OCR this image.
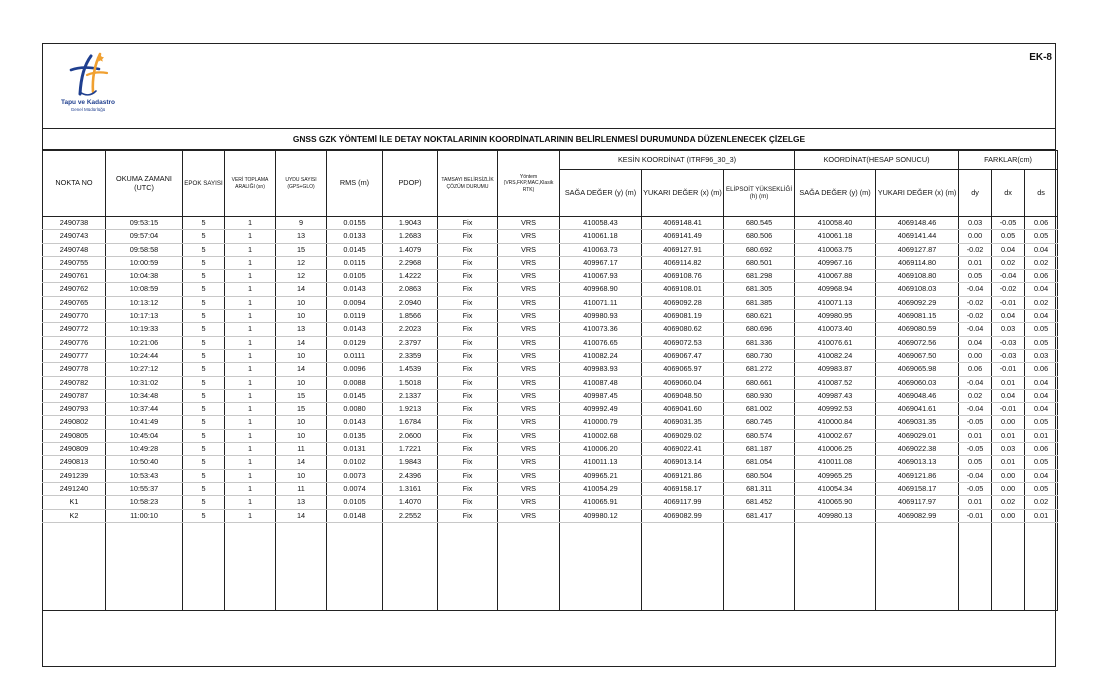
Tapu ve Kadastro
Genel Müdürlüğü
EK-8
GNSS GZK YÖNTEMİ İLE DETAY NOKTALARININ KOORDİNATLARININ BELİRLENMESİ DURUMUNDA DÜZENLENECEK ÇİZELGE
NOKTA NO	OKUMA ZAMANI (UTC)	EPOK SAYISI	VERİ TOPLAMA ARALIĞI (sn)	UYDU SAYISI (GPS+GLO)	RMS (m)	PDOP)	TAMSAYI BELİRSİZLİK ÇÖZÜM DURUMU	Yöntem (VRS,FKP,MAC,Klasik RTK)	KESİN KOORDİNAT (ITRF96_30_3)			KOORDİNAT(HESAP SONUCU)		FARKLAR(cm)		
									SAĞA DEĞER (y) (m)	YUKARI DEĞER (x) (m)	ELİPSOİT YÜKSEKLİĞİ (h) (m)	SAĞA DEĞER (y) (m)	YUKARI DEĞER (x) (m)	dy	dx	ds
2490738	09:53:15	5	1	9	0.0155	1.9043	Fix	VRS	410058.43	4069148.41	680.545	410058.40	4069148.46	0.03	-0.05	0.06
2490743	09:57:04	5	1	13	0.0133	1.2683	Fix	VRS	410061.18	4069141.49	680.506	410061.18	4069141.44	0.00	0.05	0.05
2490748	09:58:58	5	1	15	0.0145	1.4079	Fix	VRS	410063.73	4069127.91	680.692	410063.75	4069127.87	-0.02	0.04	0.04
2490755	10:00:59	5	1	12	0.0115	2.2968	Fix	VRS	409967.17	4069114.82	680.501	409967.16	4069114.80	0.01	0.02	0.02
2490761	10:04:38	5	1	12	0.0105	1.4222	Fix	VRS	410067.93	4069108.76	681.298	410067.88	4069108.80	0.05	-0.04	0.06
2490762	10:08:59	5	1	14	0.0143	2.0863	Fix	VRS	409968.90	4069108.01	681.305	409968.94	4069108.03	-0.04	-0.02	0.04
2490765	10:13:12	5	1	10	0.0094	2.0940	Fix	VRS	410071.11	4069092.28	681.385	410071.13	4069092.29	-0.02	-0.01	0.02
2490770	10:17:13	5	1	10	0.0119	1.8566	Fix	VRS	409980.93	4069081.19	680.621	409980.95	4069081.15	-0.02	0.04	0.04
2490772	10:19:33	5	1	13	0.0143	2.2023	Fix	VRS	410073.36	4069080.62	680.696	410073.40	4069080.59	-0.04	0.03	0.05
2490776	10:21:06	5	1	14	0.0129	2.3797	Fix	VRS	410076.65	4069072.53	681.336	410076.61	4069072.56	0.04	-0.03	0.05
2490777	10:24:44	5	1	10	0.0111	2.3359	Fix	VRS	410082.24	4069067.47	680.730	410082.24	4069067.50	0.00	-0.03	0.03
2490778	10:27:12	5	1	14	0.0096	1.4539	Fix	VRS	409983.93	4069065.97	681.272	409983.87	4069065.98	0.06	-0.01	0.06
2490782	10:31:02	5	1	10	0.0088	1.5018	Fix	VRS	410087.48	4069060.04	680.661	410087.52	4069060.03	-0.04	0.01	0.04
2490787	10:34:48	5	1	15	0.0145	2.1337	Fix	VRS	409987.45	4069048.50	680.930	409987.43	4069048.46	0.02	0.04	0.04
2490793	10:37:44	5	1	15	0.0080	1.9213	Fix	VRS	409992.49	4069041.60	681.002	409992.53	4069041.61	-0.04	-0.01	0.04
2490802	10:41:49	5	1	10	0.0143	1.6784	Fix	VRS	410000.79	4069031.35	680.745	410000.84	4069031.35	-0.05	0.00	0.05
2490805	10:45:04	5	1	10	0.0135	2.0600	Fix	VRS	410002.68	4069029.02	680.574	410002.67	4069029.01	0.01	0.01	0.01
2490809	10:49:28	5	1	11	0.0131	1.7221	Fix	VRS	410006.20	4069022.41	681.187	410006.25	4069022.38	-0.05	0.03	0.06
2490813	10:50:40	5	1	14	0.0102	1.9843	Fix	VRS	410011.13	4069013.14	681.054	410011.08	4069013.13	0.05	0.01	0.05
2491239	10:53:43	5	1	10	0.0073	2.4396	Fix	VRS	409965.21	4069121.86	680.504	409965.25	4069121.86	-0.04	0.00	0.04
2491240	10:55:37	5	1	11	0.0074	1.3161	Fix	VRS	410054.29	4069158.17	681.311	410054.34	4069158.17	-0.05	0.00	0.05
K1	10:58:23	5	1	13	0.0105	1.4070	Fix	VRS	410065.91	4069117.99	681.452	410065.90	4069117.97	0.01	0.02	0.02
K2	11:00:10	5	1	14	0.0148	2.2552	Fix	VRS	409980.12	4069082.99	681.417	409980.13	4069082.99	-0.01	0.00	0.01
